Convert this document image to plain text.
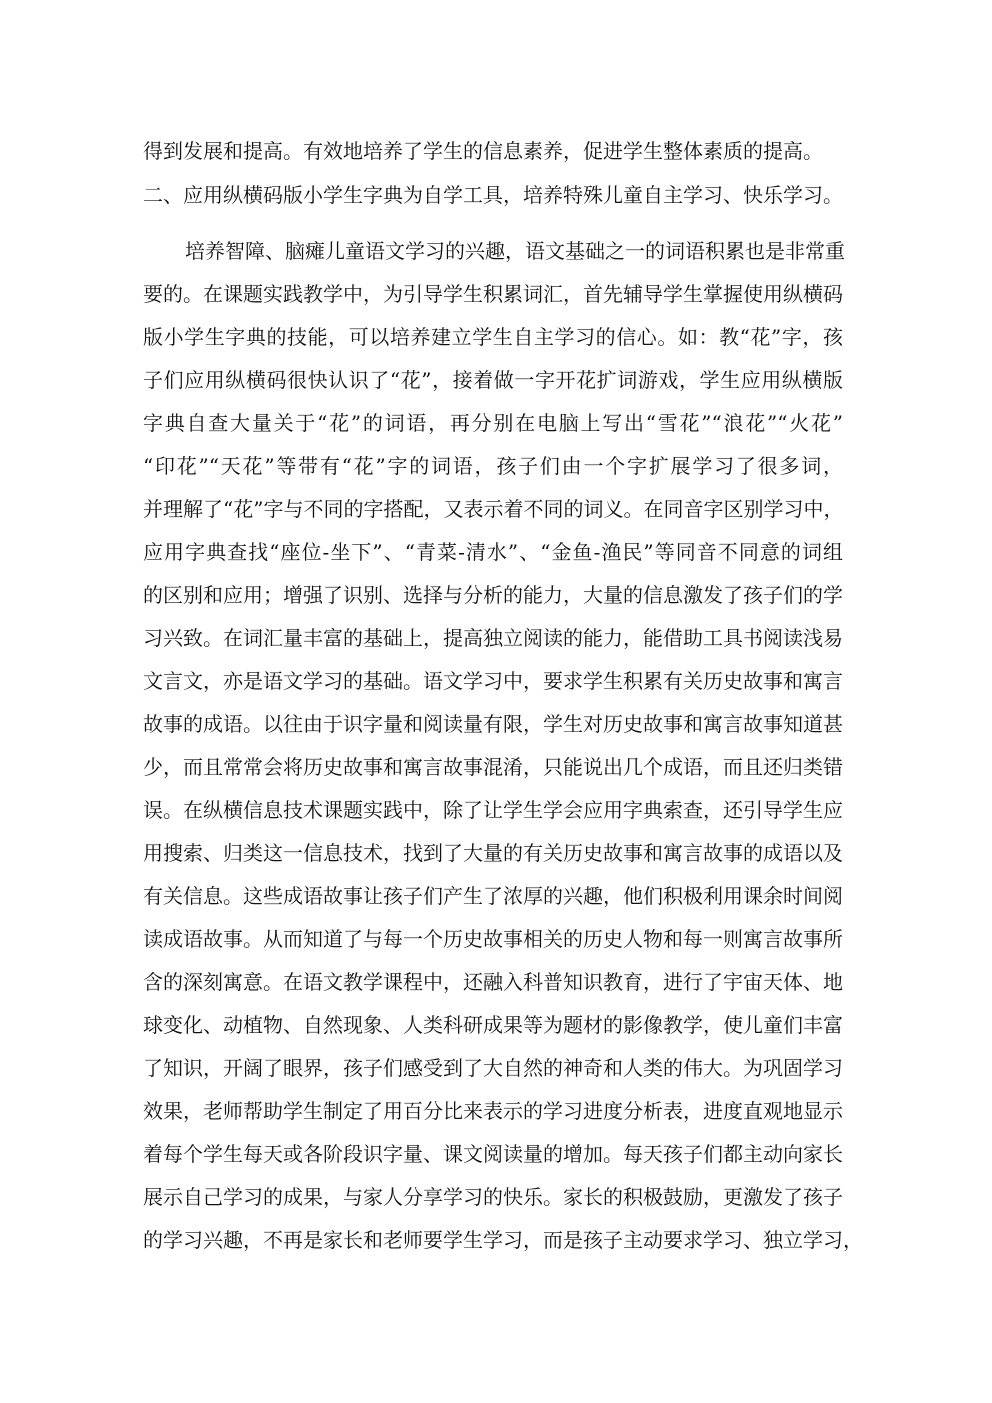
得到发展和提高。有效地培养了学生的信息素养，促进学生整体素质的提高。
二、应用纵横码版小学生字典为自学工具，培养特殊儿童自主学习、快乐学习。
培养智障、脑瘫儿童语文学习的兴趣，语文基础之一的词语积累也是非常重
要的。在课题实践教学中，为引导学生积累词汇，首先辅导学生掌握使用纵横码
版小学生字典的技能，可以培养建立学生自主学习的信心。如：教“花”字，孩
子们应用纵横码很快认识了“花”，接着做一字开花扩词游戏，学生应用纵横版
字典自查大量关于“花”的词语，再分别在电脑上写出“雪花”“浪花”“火花”
“印花”“天花”等带有“花”字的词语，孩子们由一个字扩展学习了很多词，
并理解了“花”字与不同的字搭配，又表示着不同的词义。在同音字区别学习中，
应用字典查找“座位-坐下”、“青菜-清水”、“金鱼-渔民”等同音不同意的词组
的区别和应用；增强了识别、选择与分析的能力，大量的信息激发了孩子们的学
习兴致。在词汇量丰富的基础上，提高独立阅读的能力，能借助工具书阅读浅易
文言文，亦是语文学习的基础。语文学习中，要求学生积累有关历史故事和寓言
故事的成语。以往由于识字量和阅读量有限，学生对历史故事和寓言故事知道甚
少，而且常常会将历史故事和寓言故事混淆，只能说出几个成语，而且还归类错
误。在纵横信息技术课题实践中，除了让学生学会应用字典索查，还引导学生应
用搜索、归类这一信息技术，找到了大量的有关历史故事和寓言故事的成语以及
有关信息。这些成语故事让孩子们产生了浓厚的兴趣，他们积极利用课余时间阅
读成语故事。从而知道了与每一个历史故事相关的历史人物和每一则寓言故事所
含的深刻寓意。在语文教学课程中，还融入科普知识教育，进行了宇宙天体、地
球变化、动植物、自然现象、人类科研成果等为题材的影像教学，使儿童们丰富
了知识，开阔了眼界，孩子们感受到了大自然的神奇和人类的伟大。为巩固学习
效果，老师帮助学生制定了用百分比来表示的学习进度分析表，进度直观地显示
着每个学生每天或各阶段识字量、课文阅读量的增加。每天孩子们都主动向家长
展示自己学习的成果，与家人分享学习的快乐。家长的积极鼓励，更激发了孩子
的学习兴趣，不再是家长和老师要学生学习，而是孩子主动要求学习、独立学习，
